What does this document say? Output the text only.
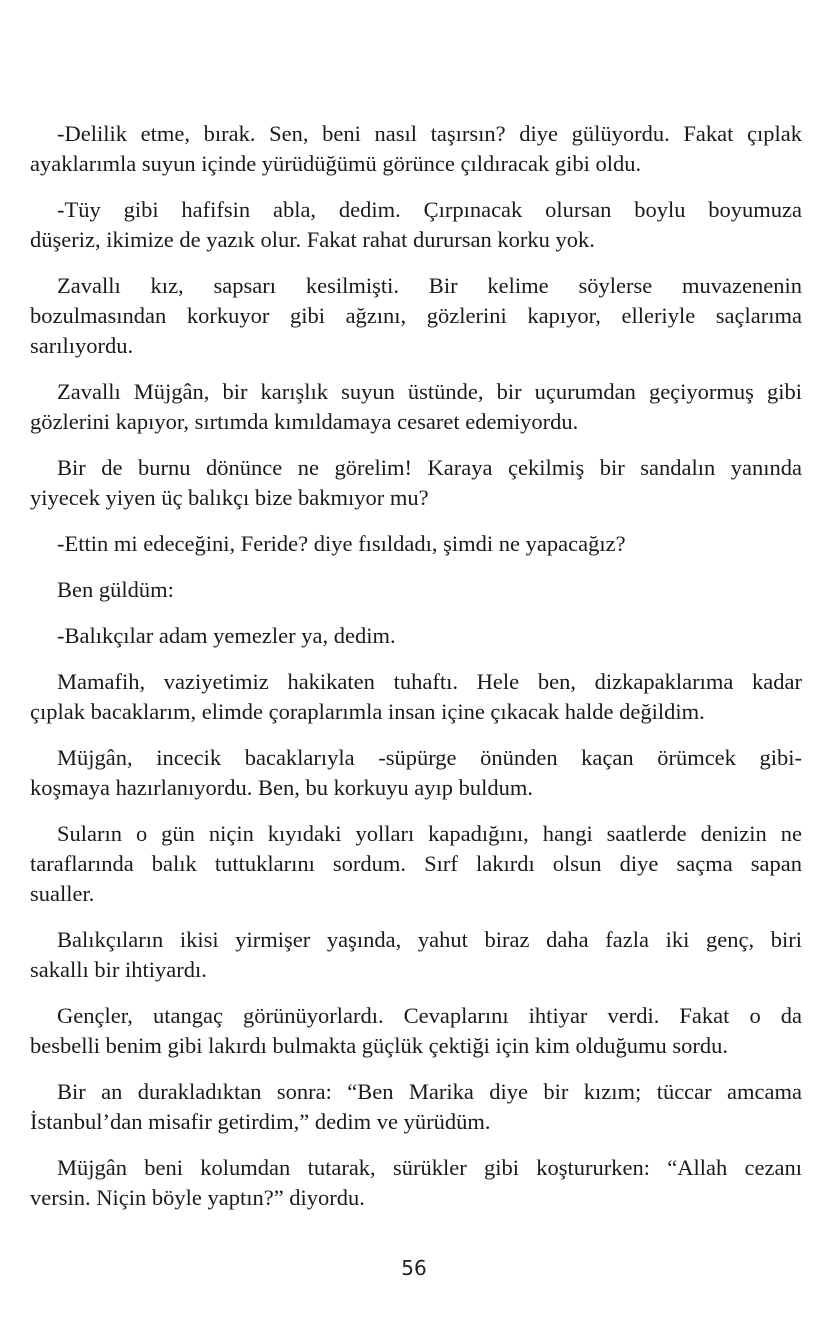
-Delilik etme, bırak. Sen, beni nasıl taşırsın? diye gülüyordu. Fakat çıplak
ayaklarımla suyun içinde yürüdüğümü görünce çıldıracak gibi oldu.
-Tüy gibi hafifsin abla, dedim. Çırpınacak olursan boylu boyumuza
düşeriz, ikimize de yazık olur. Fakat rahat durursan korku yok.
Zavallı kız, sapsarı kesilmişti. Bir kelime söylerse muvazenenin
bozulmasından korkuyor gibi ağzını, gözlerini kapıyor, elleriyle saçlarıma
sarılıyordu.
Zavallı Müjgân, bir karışlık suyun üstünde, bir uçurumdan geçiyormuş gibi
gözlerini kapıyor, sırtımda kımıldamaya cesaret edemiyordu.
Bir de burnu dönünce ne görelim! Karaya çekilmiş bir sandalın yanında
yiyecek yiyen üç balıkçı bize bakmıyor mu?
-Ettin mi edeceğini, Feride? diye fısıldadı, şimdi ne yapacağız?
Ben güldüm:
-Balıkçılar adam yemezler ya, dedim.
Mamafih, vaziyetimiz hakikaten tuhaftı. Hele ben, dizkapaklarıma kadar
çıplak bacaklarım, elimde çoraplarımla insan içine çıkacak halde değildim.
Müjgân, incecik bacaklarıyla -süpürge önünden kaçan örümcek gibi-
koşmaya hazırlanıyordu. Ben, bu korkuyu ayıp buldum.
Suların o gün niçin kıyıdaki yolları kapadığını, hangi saatlerde denizin ne
taraflarında balık tuttuklarını sordum. Sırf lakırdı olsun diye saçma sapan
sualler.
Balıkçıların ikisi yirmişer yaşında, yahut biraz daha fazla iki genç, biri
sakallı bir ihtiyardı.
Gençler, utangaç görünüyorlardı. Cevaplarını ihtiyar verdi. Fakat o da
besbelli benim gibi lakırdı bulmakta güçlük çektiği için kim olduğumu sordu.
Bir an durakladıktan sonra: “Ben Marika diye bir kızım; tüccar amcama
İstanbul’dan misafir getirdim,” dedim ve yürüdüm.
Müjgân beni kolumdan tutarak, sürükler gibi koştururken: “Allah cezanı
versin. Niçin böyle yaptın?” diyordu.
56
